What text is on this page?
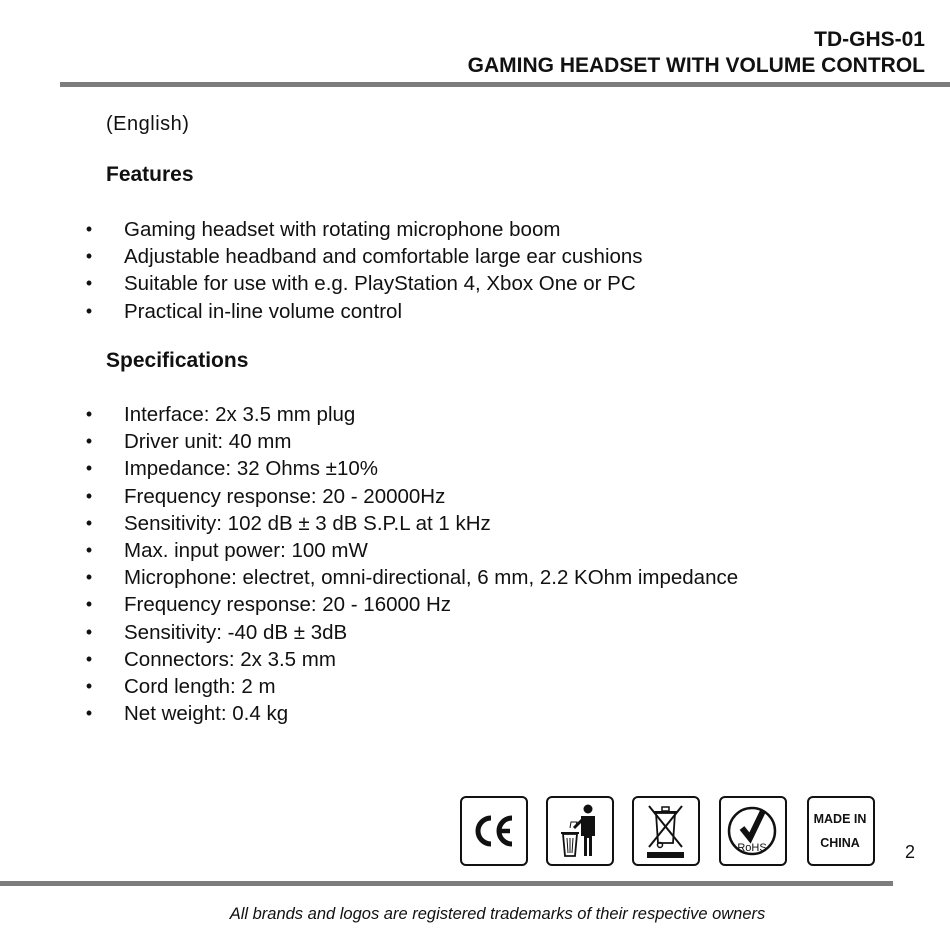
TD-GHS-01
GAMING HEADSET WITH VOLUME CONTROL
(English)
Features
• Gaming headset with rotating microphone boom
• Adjustable headband and comfortable large ear cushions
• Suitable for use with e.g. PlayStation 4, Xbox One or PC
• Practical in-line volume control
Specifications
• Interface: 2x 3.5 mm plug
• Driver unit: 40 mm
• Impedance: 32 Ohms ±10%
• Frequency response: 20 - 20000Hz
• Sensitivity: 102 dB ± 3 dB S.P.L at 1 kHz
• Max. input power: 100 mW
• Microphone: electret, omni-directional, 6 mm, 2.2 KOhm impedance
• Frequency response: 20 - 16000 Hz
• Sensitivity: -40 dB ± 3dB
• Connectors: 2x 3.5 mm
• Cord length: 2 m
• Net weight: 0.4 kg
RoHS
MADE IN
CHINA	2
All brands and logos are registered trademarks of their respective owners
